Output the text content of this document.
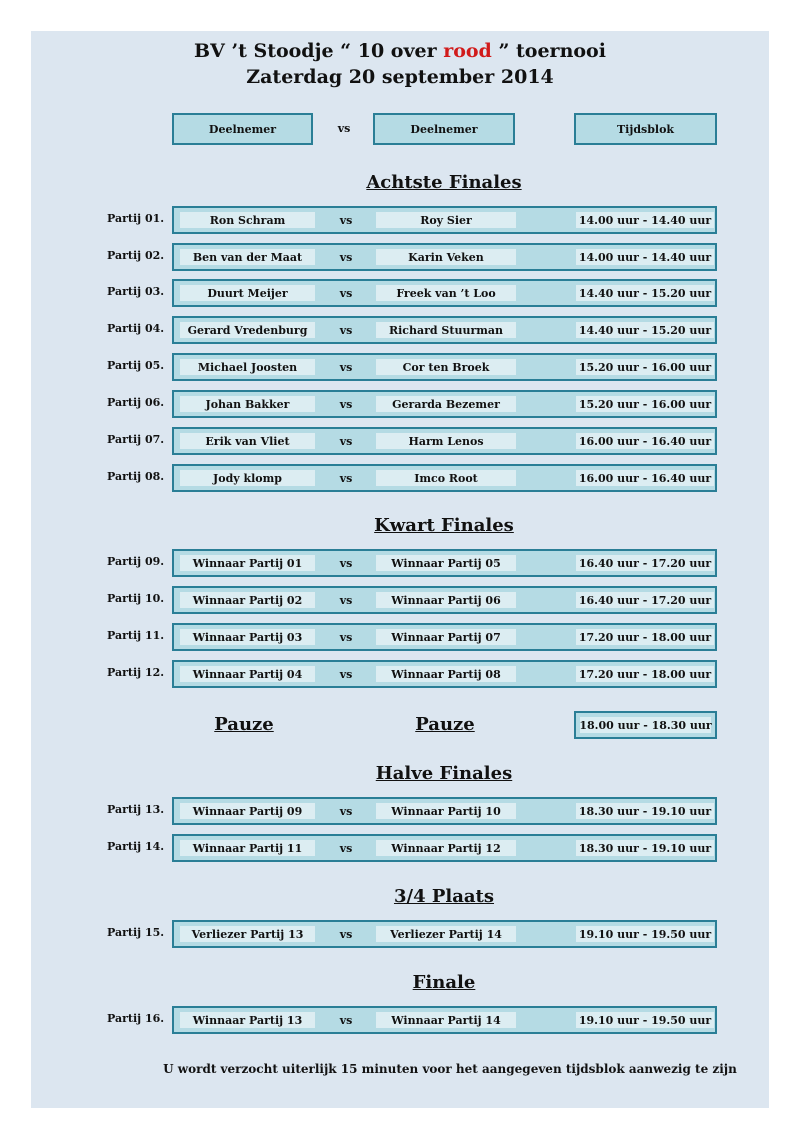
BV ’t Stoodje “ 10 over rood ” toernooi
Zaterdag 20 september 2014
Deelnemer	vs	Deelnemer	Tijdsblok
Achtste Finales
Kwart Finales
Pauze	Pauze	18.00 uur - 18.30 uur
Halve Finales
3/4 Plaats
Finale
Partij 01.	Ron Schram	vs	Roy Sier	14.00 uur - 14.40 uur
Partij 02.	Ben van der Maat	vs	Karin Veken	14.00 uur - 14.40 uur
Partij 03.	Duurt Meijer	vs	Freek van ’t Loo	14.40 uur - 15.20 uur
Partij 04.	Gerard Vredenburg	vs	Richard Stuurman	14.40 uur - 15.20 uur
Partij 05.	Michael Joosten	vs	Cor ten Broek	15.20 uur - 16.00 uur
Partij 06.	Johan Bakker	vs	Gerarda Bezemer	15.20 uur - 16.00 uur
Partij 07.	Erik van Vliet	vs	Harm Lenos	16.00 uur - 16.40 uur
Partij 08.	Jody klomp	vs	Imco Root	16.00 uur - 16.40 uur
Partij 09.	Winnaar Partij 01	vs	Winnaar Partij 05	16.40 uur - 17.20 uur
Partij 10.	Winnaar Partij 02	vs	Winnaar Partij 06	16.40 uur - 17.20 uur
Partij 11.	Winnaar Partij 03	vs	Winnaar Partij 07	17.20 uur - 18.00 uur
Partij 12.	Winnaar Partij 04	vs	Winnaar Partij 08	17.20 uur - 18.00 uur
Partij 13.	Winnaar Partij 09	vs	Winnaar Partij 10	18.30 uur - 19.10 uur
Partij 14.	Winnaar Partij 11	vs	Winnaar Partij 12	18.30 uur - 19.10 uur
Partij 15.	Verliezer Partij 13	vs	Verliezer Partij 14	19.10 uur - 19.50 uur
Partij 16.	Winnaar Partij 13	vs	Winnaar Partij 14	19.10 uur - 19.50 uur
U wordt verzocht uiterlijk 15 minuten voor het aangegeven tijdsblok aanwezig te zijn
